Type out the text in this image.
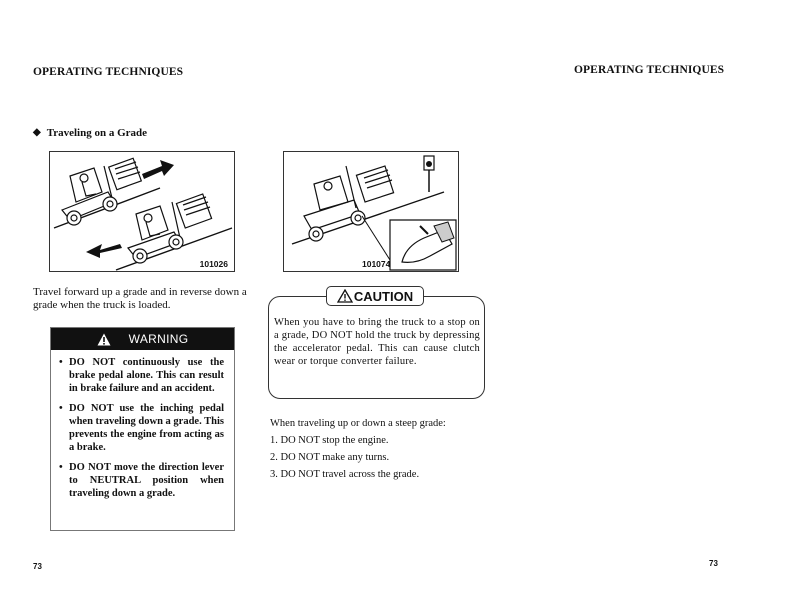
OPERATING TECHNIQUES	OPERATING TECHNIQUES
◆ Traveling on a Grade
101026
Travel forward up a grade and in reverse down a grade when the truck is loaded.
WARNING
• DO NOT continuously use the brake pedal alone. This can result in brake failure and an accident.
• DO NOT use the inching pedal when traveling down a grade. This prevents the engine from acting as a brake.
• DO NOT move the direction lever to NEUTRAL position when traveling down a grade.
101074
CAUTION
When you have to bring the truck to a stop on a grade, DO NOT hold the truck by depressing the accelerator pedal. This can cause clutch wear or torque converter failure.
When traveling up or down a steep grade:
1. DO NOT stop the engine.
2. DO NOT make any turns.
3. DO NOT travel across the grade.
73	73
